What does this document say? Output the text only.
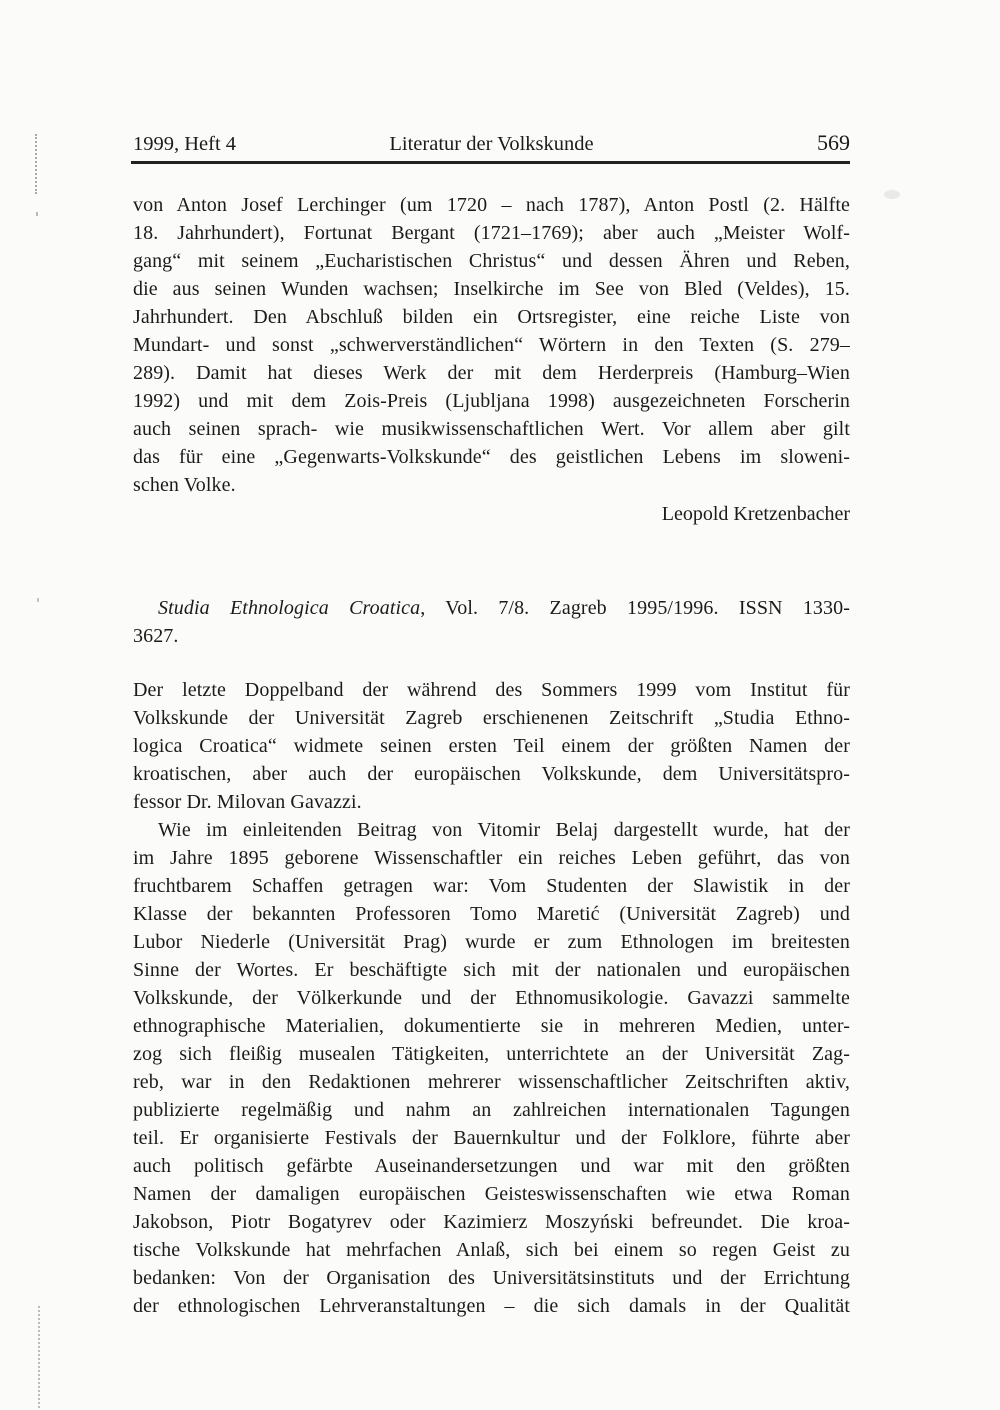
1999, Heft 4	Literatur der Volkskunde	569
von Anton Josef Lerchinger (um 1720 – nach 1787), Anton Postl (2. Hälfte
18. Jahrhundert), Fortunat Bergant (1721–1769); aber auch „Meister Wolf-
gang“ mit seinem „Eucharistischen Christus“ und dessen Ähren und Reben,
die aus seinen Wunden wachsen; Inselkirche im See von Bled (Veldes), 15.
Jahrhundert. Den Abschluß bilden ein Ortsregister, eine reiche Liste von
Mundart- und sonst „schwerverständlichen“ Wörtern in den Texten (S. 279–
289). Damit hat dieses Werk der mit dem Herderpreis (Hamburg–Wien
1992) und mit dem Zois-Preis (Ljubljana 1998) ausgezeichneten Forscherin
auch seinen sprach- wie musikwissenschaftlichen Wert. Vor allem aber gilt
das für eine „Gegenwarts-Volkskunde“ des geistlichen Lebens im sloweni-
schen Volke.
Leopold Kretzenbacher
Studia Ethnologica Croatica, Vol. 7/8. Zagreb 1995/1996. ISSN 1330-
3627.
Der letzte Doppelband der während des Sommers 1999 vom Institut für
Volkskunde der Universität Zagreb erschienenen Zeitschrift „Studia Ethno-
logica Croatica“ widmete seinen ersten Teil einem der größten Namen der
kroatischen, aber auch der europäischen Volkskunde, dem Universitätspro-
fessor Dr. Milovan Gavazzi.
Wie im einleitenden Beitrag von Vitomir Belaj dargestellt wurde, hat der
im Jahre 1895 geborene Wissenschaftler ein reiches Leben geführt, das von
fruchtbarem Schaffen getragen war: Vom Studenten der Slawistik in der
Klasse der bekannten Professoren Tomo Maretić (Universität Zagreb) und
Lubor Niederle (Universität Prag) wurde er zum Ethnologen im breitesten
Sinne der Wortes. Er beschäftigte sich mit der nationalen und europäischen
Volkskunde, der Völkerkunde und der Ethnomusikologie. Gavazzi sammelte
ethnographische Materialien, dokumentierte sie in mehreren Medien, unter-
zog sich fleißig musealen Tätigkeiten, unterrichtete an der Universität Zag-
reb, war in den Redaktionen mehrerer wissenschaftlicher Zeitschriften aktiv,
publizierte regelmäßig und nahm an zahlreichen internationalen Tagungen
teil. Er organisierte Festivals der Bauernkultur und der Folklore, führte aber
auch politisch gefärbte Auseinandersetzungen und war mit den größten
Namen der damaligen europäischen Geisteswissenschaften wie etwa Roman
Jakobson, Piotr Bogatyrev oder Kazimierz Moszyński befreundet. Die kroa-
tische Volkskunde hat mehrfachen Anlaß, sich bei einem so regen Geist zu
bedanken: Von der Organisation des Universitätsinstituts und der Errichtung
der ethnologischen Lehrveranstaltungen – die sich damals in der Qualität
